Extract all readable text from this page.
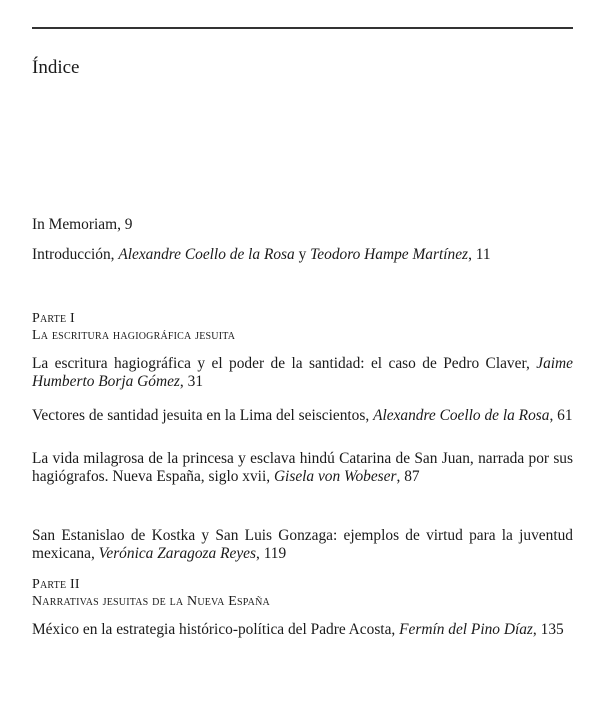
Índice
In Memoriam, 9
Introducción, Alexandre Coello de la Rosa y Teodoro Hampe Martínez, 11
Parte I
La escritura hagiográfica jesuita
La escritura hagiográfica y el poder de la santidad: el caso de Pedro Claver, Jaime Humberto Borja Gómez, 31
Vectores de santidad jesuita en la Lima del seiscientos, Alexandre Coello de la Rosa, 61
La vida milagrosa de la princesa y esclava hindú Catarina de San Juan, narrada por sus hagiógrafos. Nueva España, siglo xvii, Gisela von Wobeser, 87
San Estanislao de Kostka y San Luis Gonzaga: ejemplos de virtud para la juventud mexicana, Verónica Zaragoza Reyes, 119
Parte II
Narrativas jesuitas de la Nueva España
México en la estrategia histórico-política del Padre Acosta, Fermín del Pino Díaz, 135
